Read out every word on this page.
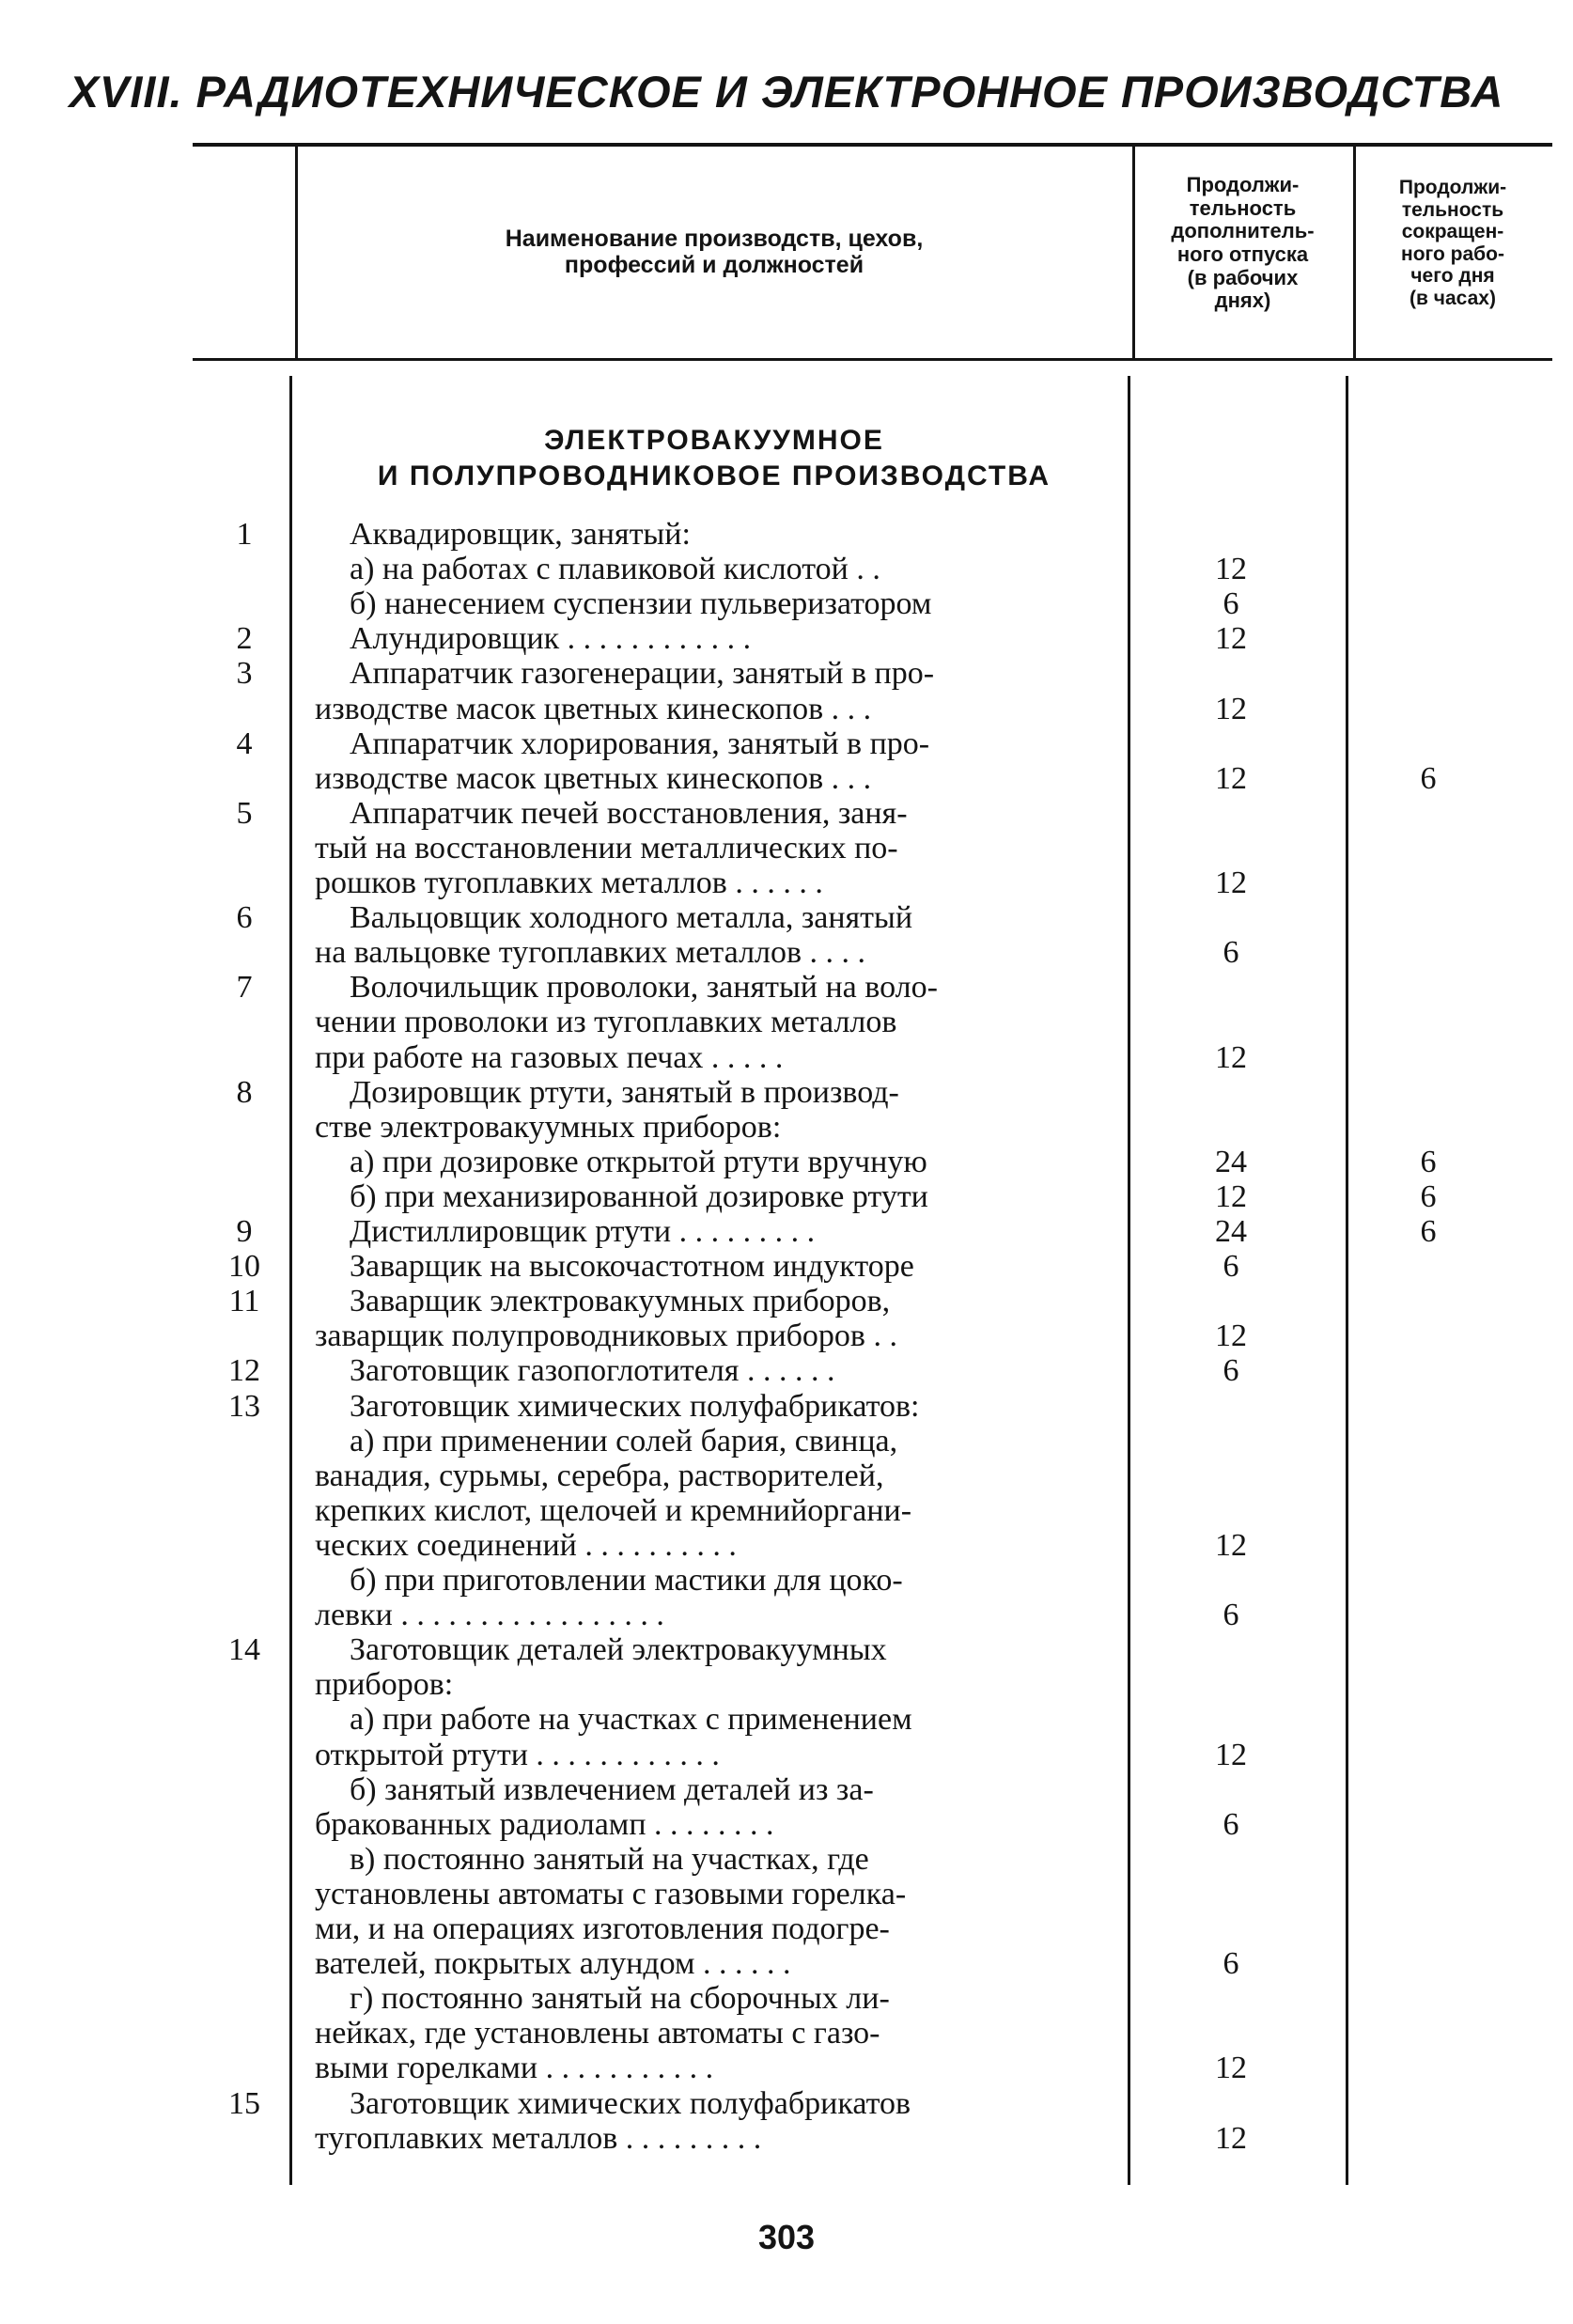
XVIII. РАДИОТЕХНИЧЕСКОЕ И ЭЛЕКТРОННОЕ ПРОИЗВОДСТВА
Наименование производств, цехов,
профессий и должностей
Продолжи-
тельность
дополнитель-
ного отпуска
(в рабочих
днях)
Продолжи-
тельность
сокращен-
ного рабо-
чего дня
(в часах)
ЭЛЕКТРОВАКУУМНОЕ
И ПОЛУПРОВОДНИКОВОЕ ПРОИЗВОДСТВА
1	Аквадировщик, занятый:
а) на работах с плавиковой кислотой . .	12
б) нанесением суспензии пульверизатором	6
2	Алундировщик . . . . . . . . . . . .	12
3	Аппаратчик газогенерации, занятый в про-
изводстве масок цветных кинескопов . . .	12
4	Аппаратчик хлорирования, занятый в про-
изводстве масок цветных кинескопов . . .	12	6
5	Аппаратчик печей восстановления, заня-
тый на восстановлении металлических по-
рошков тугоплавких металлов . . . . . .	12
6	Вальцовщик холодного металла, занятый
на вальцовке тугоплавких металлов . . . .	6
7	Волочильщик проволоки, занятый на воло-
чении проволоки из тугоплавких металлов
при работе на газовых печах . . . . .	12
8	Дозировщик ртути, занятый в производ-
стве электровакуумных приборов:
а) при дозировке открытой ртути вручную	24	6
б) при механизированной дозировке ртути	12	6
9	Дистиллировщик ртути . . . . . . . . .	24	6
10	Заварщик на высокочастотном индукторе	6
11	Заварщик электровакуумных приборов,
заварщик полупроводниковых приборов . .	12
12	Заготовщик газопоглотителя . . . . . .	6
13	Заготовщик химических полуфабрикатов:
а) при применении солей бария, свинца,
ванадия, сурьмы, серебра, растворителей,
крепких кислот, щелочей и кремнийоргани-
ческих соединений . . . . . . . . . .	12
б) при приготовлении мастики для цоко-
левки . . . . . . . . . . . . . . . . .	6
14	Заготовщик деталей электровакуумных
приборов:
а) при работе на участках с применением
открытой ртути . . . . . . . . . . . .	12
б) занятый извлечением деталей из за-
бракованных радиоламп . . . . . . . .	6
в) постоянно занятый на участках, где
установлены автоматы с газовыми горелка-
ми, и на операциях изготовления подогре-
вателей, покрытых алундом . . . . . .	6
г) постоянно занятый на сборочных ли-
нейках, где установлены автоматы с газо-
выми горелками . . . . . . . . . . .	12
15	Заготовщик химических полуфабрикатов
тугоплавких металлов . . . . . . . . .	12
303
